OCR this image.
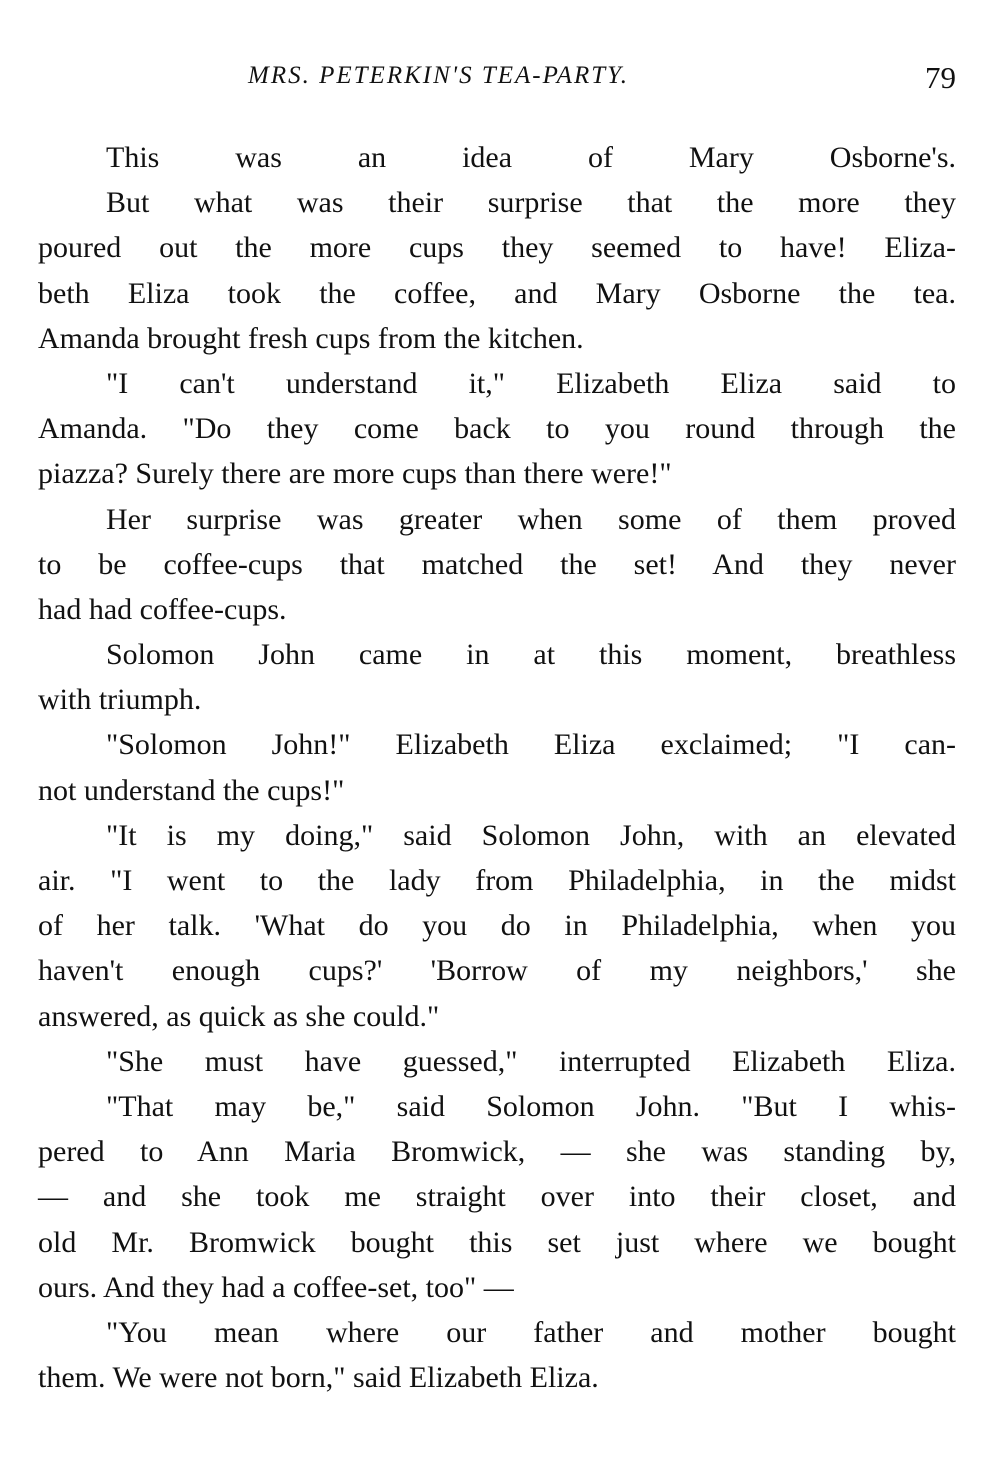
MRS. PETERKIN'S TEA-PARTY.	79
This was an idea of Mary Osborne's.
But what was their surprise that the more they
poured out the more cups they seemed to have! Eliza-
beth Eliza took the coffee, and Mary Osborne the tea.
Amanda brought fresh cups from the kitchen.
"I can't understand it," Elizabeth Eliza said to
Amanda. "Do they come back to you round through the
piazza? Surely there are more cups than there were!"
Her surprise was greater when some of them proved
to be coffee-cups that matched the set! And they never
had had coffee-cups.
Solomon John came in at this moment, breathless
with triumph.
"Solomon John!" Elizabeth Eliza exclaimed; "I can-
not understand the cups!"
"It is my doing," said Solomon John, with an elevated
air. "I went to the lady from Philadelphia, in the midst
of her talk. 'What do you do in Philadelphia, when you
haven't enough cups?' 'Borrow of my neighbors,' she
answered, as quick as she could."
"She must have guessed," interrupted Elizabeth Eliza.
"That may be," said Solomon John. "But I whis-
pered to Ann Maria Bromwick, — she was standing by,
— and she took me straight over into their closet, and
old Mr. Bromwick bought this set just where we bought
ours. And they had a coffee-set, too" —
"You mean where our father and mother bought
them. We were not born," said Elizabeth Eliza.
